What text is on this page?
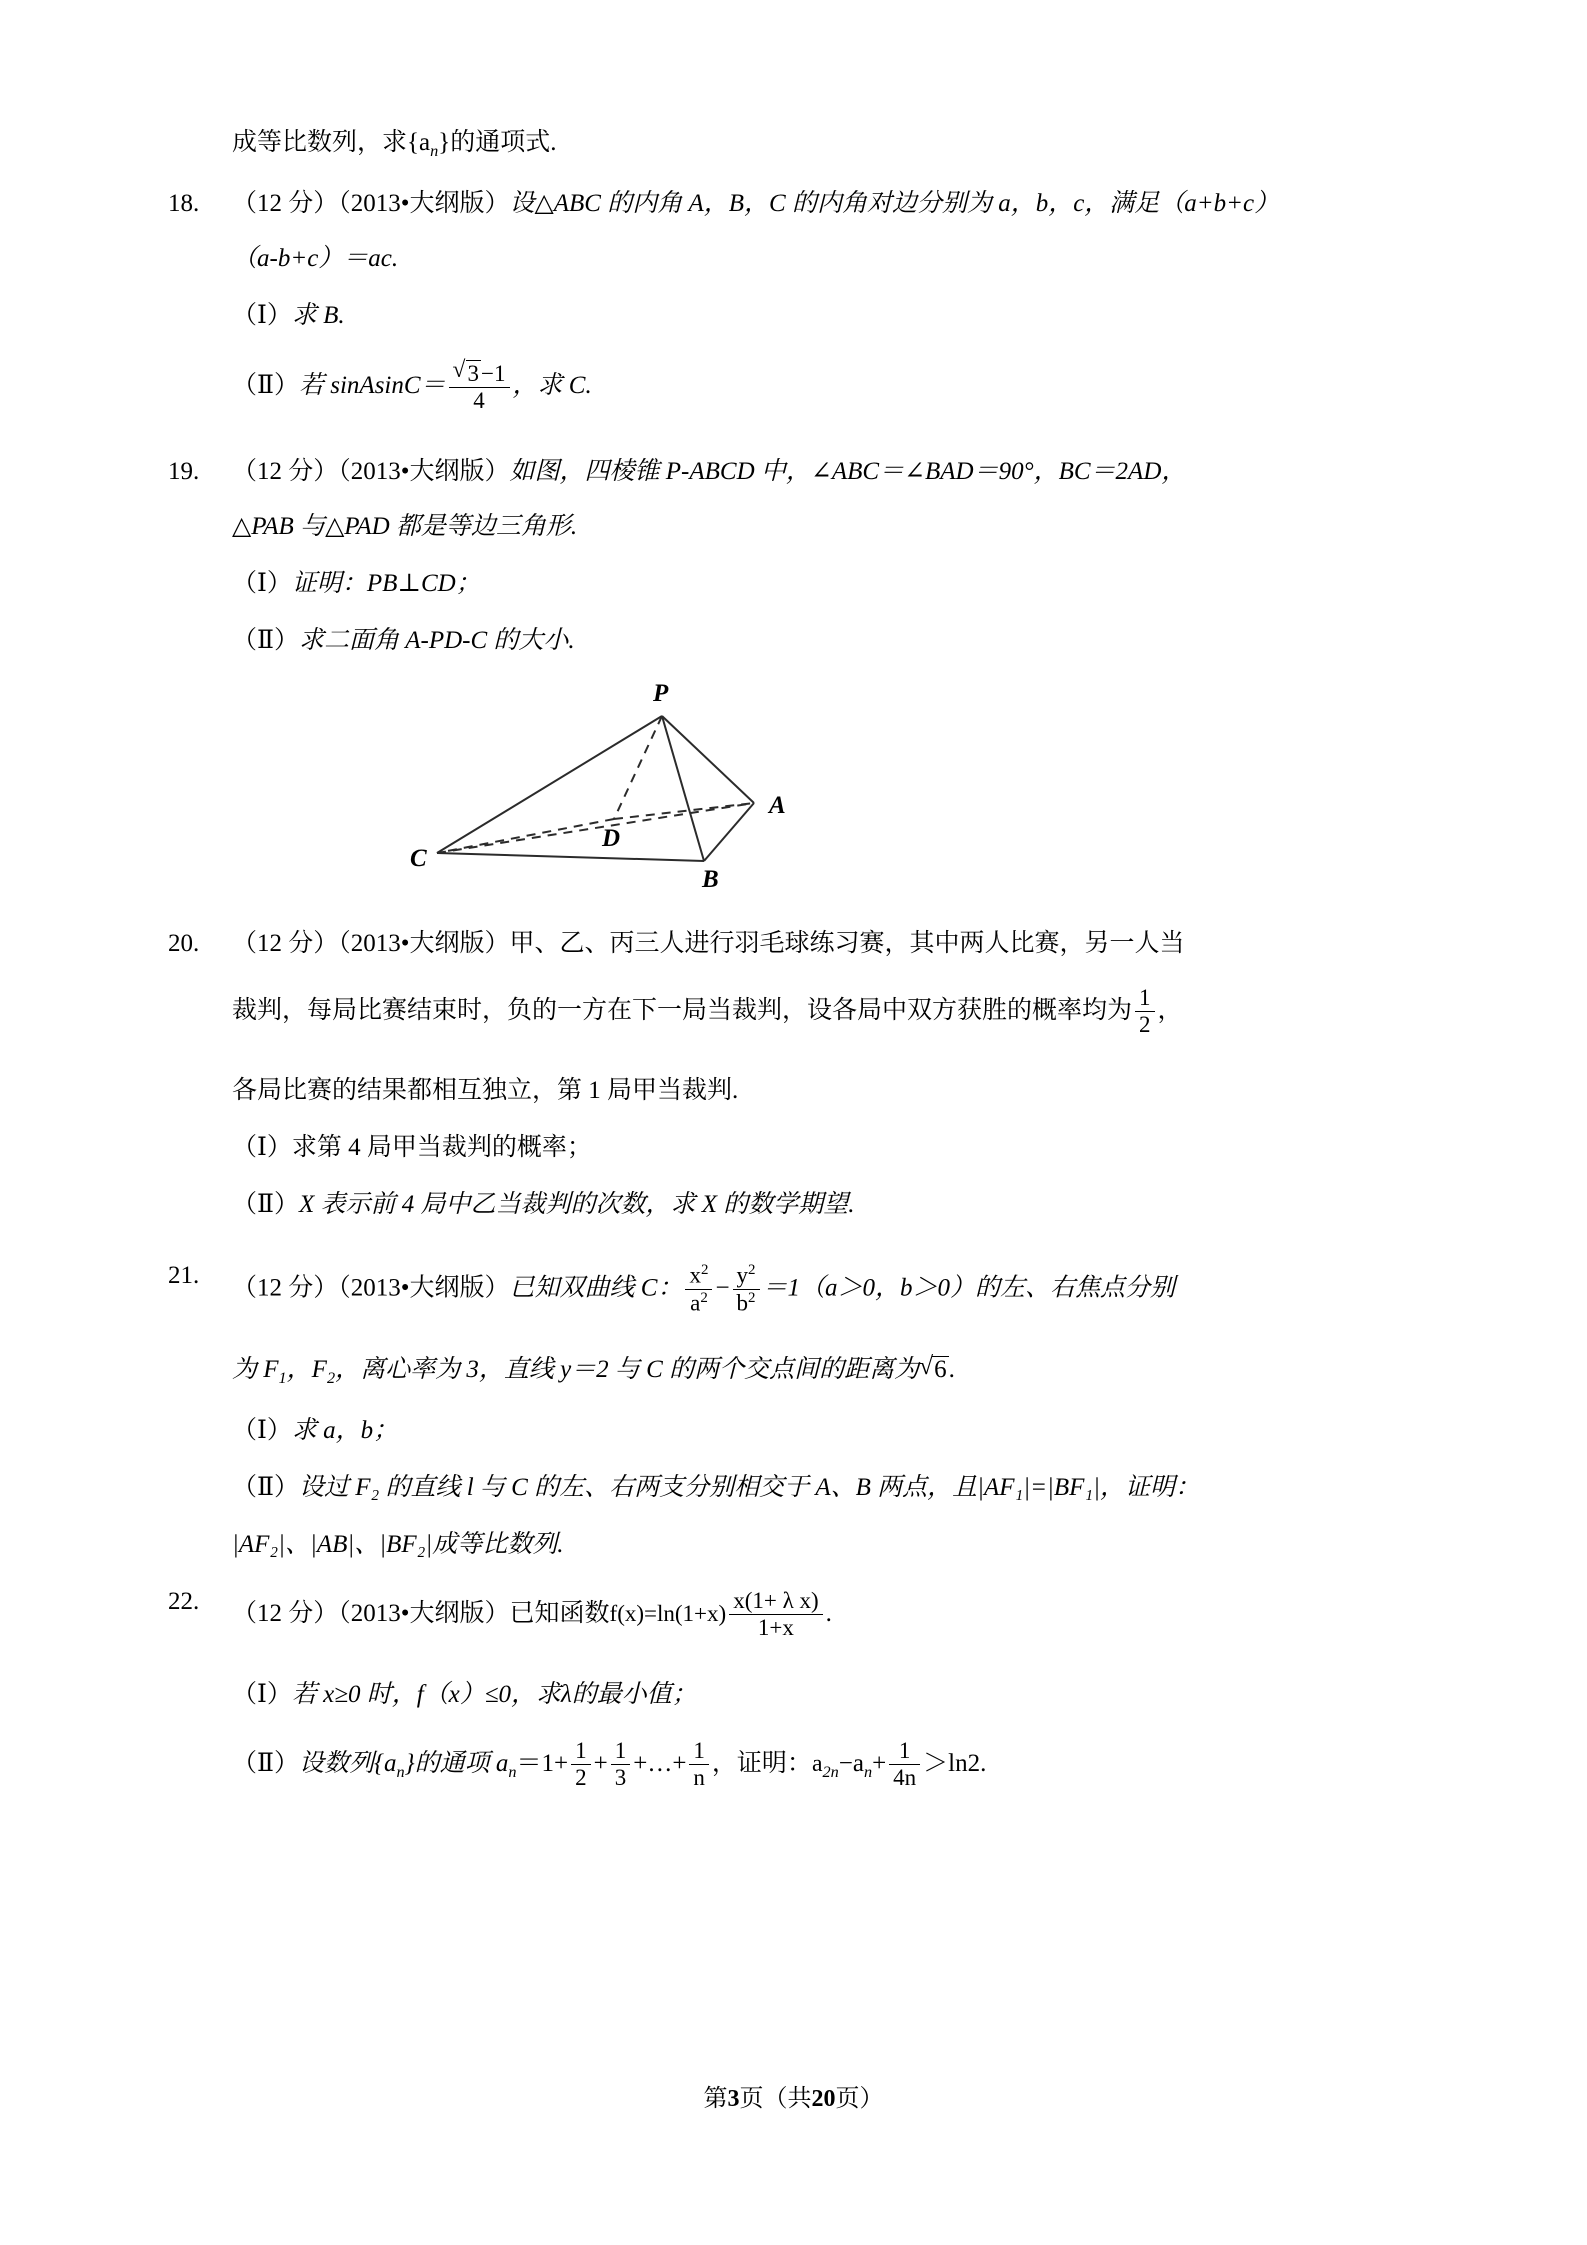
成等比数列，求$\{a_n\}$的通项式.
18. （12 分）（2013•大纲版）设△ABC 的内角 A，B，C 的内角对边分别为 a，b，c，满足（a+b+c）
（a‑b+c）＝ac.
（Ⅰ）求 B.
（Ⅱ）若 sinAsinC＝ √ $\frac{3-1}{4}$ ，求 C.
19. （12 分）（2013•大纲版）如图，四棱锥 P‑ABCD 中，∠ABC＝∠BAD＝90°，BC＝2AD，
△PAB 与△PAD 都是等边三角形.
（Ⅰ）证明：PB⊥CD；
（Ⅱ）求二面角 A‑PD‑C 的大小.
P
A
B
C
D
20. （12 分）（2013•大纲版）甲、乙、丙三人进行羽毛球练习赛，其中两人比赛，另一人当
裁判，每局比赛结束时，负的一方在下一局当裁判，设各局中双方获胜的概率均为 $\frac{1}{2}$ ，
各局比赛的结果都相互独立，第 1 局甲当裁判.
（Ⅰ）求第 4 局甲当裁判的概率；
（Ⅱ）X 表示前 4 局中乙当裁判的次数，求 X 的数学期望.
21. （12 分）（2013•大纲版）已知双曲线 C： $\frac{x^2}{a^2} - \frac{y^2}{b^2} =1(a>0$，b＞0）的左、右焦点分别
为 $F_1$，$F_2$，离心率为 3，直线 y＝2 与 C 的两个交点间的距离为 √ 6.
（Ⅰ）求 a，b；
（Ⅱ）设过 F₂ 的直线 l 与 C 的左、右两支分别相交于 A、B 两点，且|AF₁|=|BF₁|，证明：
|AF₂|、|AB|、|BF₂|成等比数列.
22. （12 分）（2013•大纲版）已知函数$f(x)=\ln(1+x) \frac{\text{x(1+ λ x)}}{1+x}$ .
（Ⅰ）若 x≥0 时，f（x）≤0，求λ的最小值；
（Ⅱ）设数列$\{a_n\}$的通项 $a_n=1+ \frac{1}{2} + \frac{1}{3}$ +…+ $\frac{1}{n}$ ，证明：$a_{2n}-a_n+ \frac{1}{4n} >\ln 2$.
第3页（共20页）
